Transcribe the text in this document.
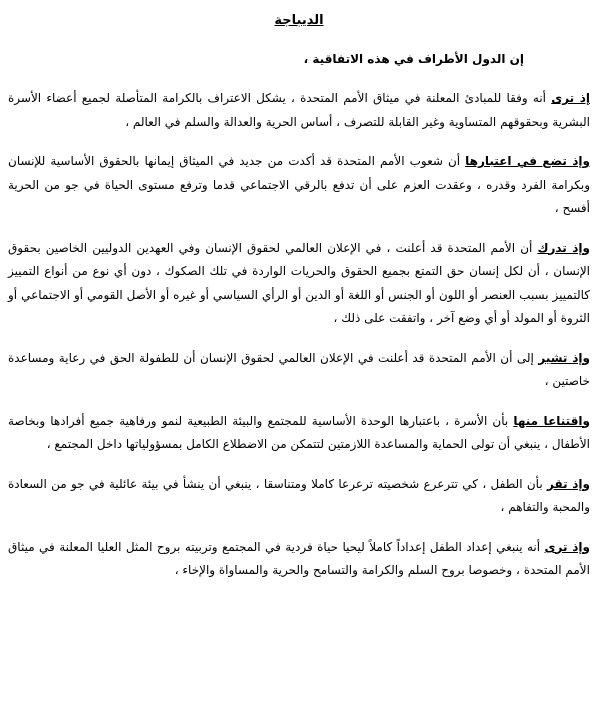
الديباجة
إن الدول الأطراف في هذه الاتفاقية ،

إذ ترى أنه وفقا للمبادئ المعلنة في ميثاق الأمم المتحدة ، يشكل الاعتراف بالكرامة المتأصلة لجميع أعضاء الأسرة البشرية وبحقوقهم المتساوية وغير القابلة للتصرف ، أساس الحرية والعدالة والسلم في العالم ،

وإذ تضع في اعتبارها أن شعوب الأمم المتحدة قد أكدت من جديد في الميثاق إيمانها بالحقوق الأساسية للإنسان وبكرامة الفرد وقدره ، وعقدت العزم على أن تدفع بالرقي الاجتماعي قدما وترفع مستوى الحياة في جو من الحرية أفسح ،

وإذ تدرك أن الأمم المتحدة قد أعلنت ، في الإعلان العالمي لحقوق الإنسان وفي العهدين الدوليين الخاصين بحقوق الإنسان ، أن لكل إنسان حق التمتع بجميع الحقوق والحريات الواردة في تلك الصكوك ، دون أي نوع من أنواع التمييز كالتمييز بسبب العنصر أو اللون أو الجنس أو اللغة أو الدين أو الرأي السياسي أو غيره أو الأصل القومي أو الاجتماعي أو الثروة أو المولد أو أي وضع آخر ، واتفقت على ذلك ،

وإذ تشير إلى أن الأمم المتحدة قد أعلنت في الإعلان العالمي لحقوق الإنسان أن للطفولة الحق في رعاية ومساعدة خاصتين ،

واقتناعا منها بأن الأسرة ، باعتبارها الوحدة الأساسية للمجتمع والبيئة الطبيعية لنمو ورفاهية جميع أفرادها وبخاصة الأطفال ، ينبغي أن تولى الحماية والمساعدة اللازمتين لتتمكن من الاضطلاع الكامل بمسؤولياتها داخل المجتمع ،

وإذ تقر بأن الطفل ، كي تترعرع شخصيته ترعرعا كاملا ومتناسقا ، ينبغي أن ينشأ في بيئة عائلية في جو من السعادة والمحبة والتفاهم ،

وإذ ترى أنه ينبغي إعداد الطفل إعداداً كاملاً ليحيا حياة فردية في المجتمع وتربيته بروح المثل العليا المعلنة في ميثاق الأمم المتحدة ، وخصوصا بروح السلم والكرامة والتسامح والحرية والمساواة والإخاء ،
